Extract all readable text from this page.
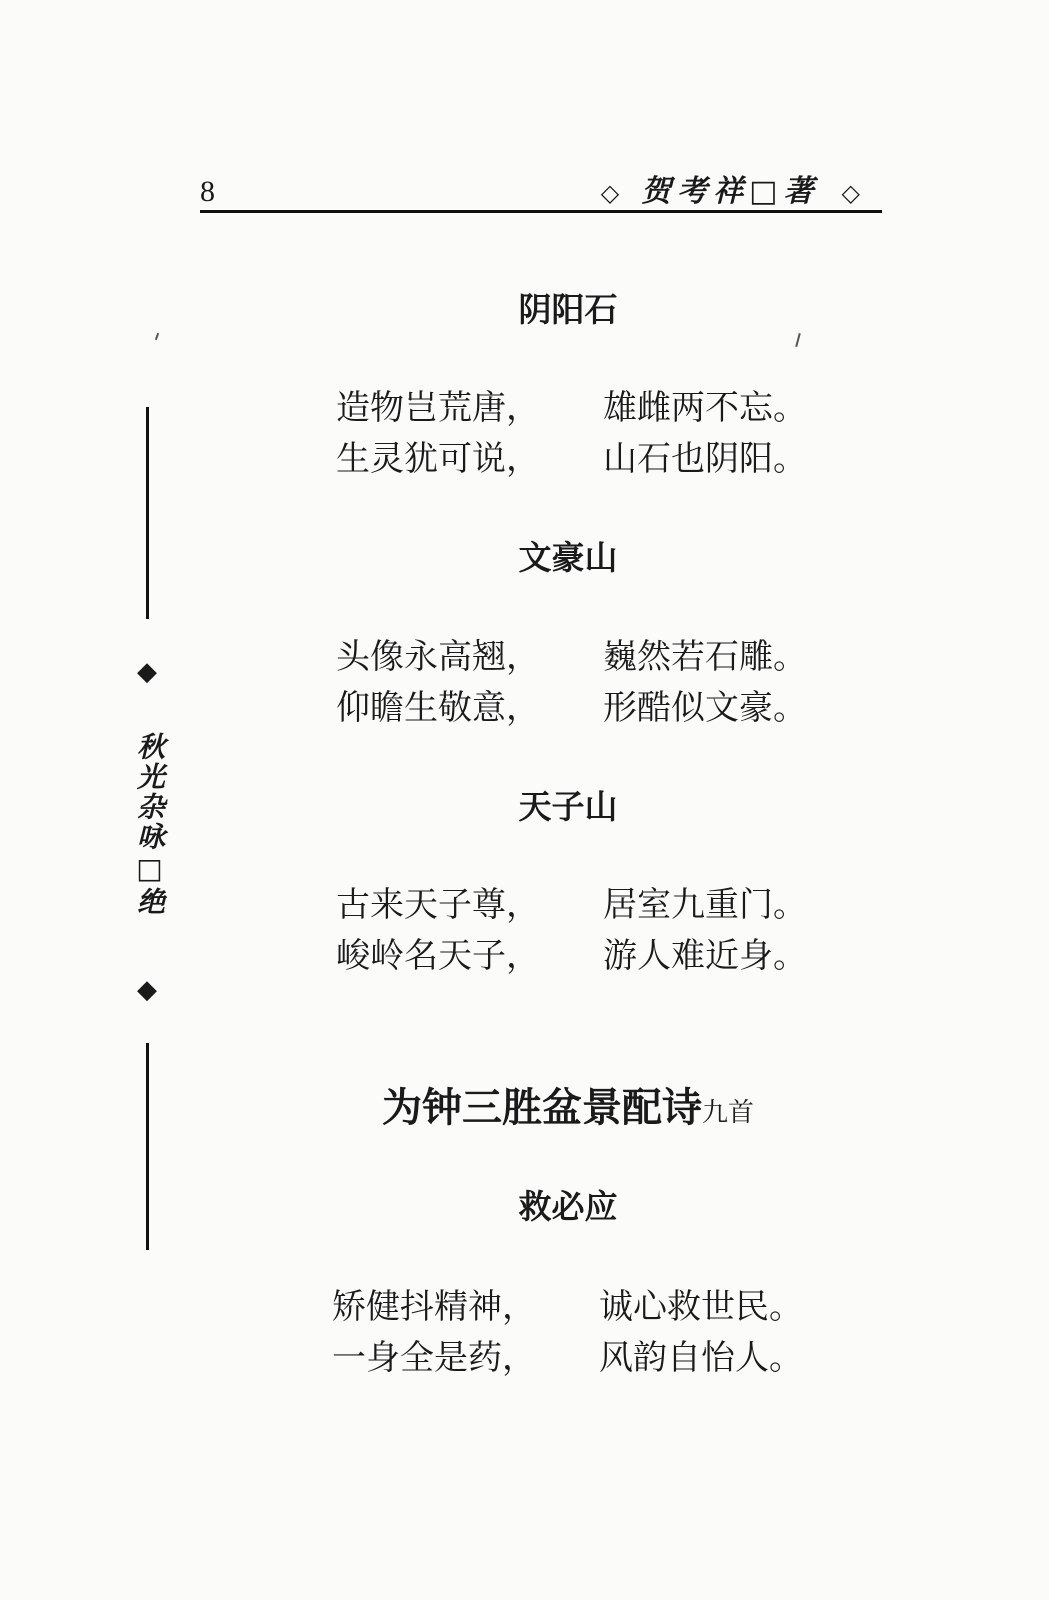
8	◇ 贺考祥□著 ◇
◆
秋光杂咏□绝
◆
阴阳石
造物岂荒唐， 雄雌两不忘。
生灵犹可说， 山石也阴阳。
文豪山
头像永高翘， 巍然若石雕。
仰瞻生敬意， 形酷似文豪。
天子山
古来天子尊， 居室九重门。
峻岭名天子， 游人难近身。
为钟三胜盆景配诗九首
救必应
矫健抖精神， 诚心救世民。
一身全是药， 风韵自怡人。
